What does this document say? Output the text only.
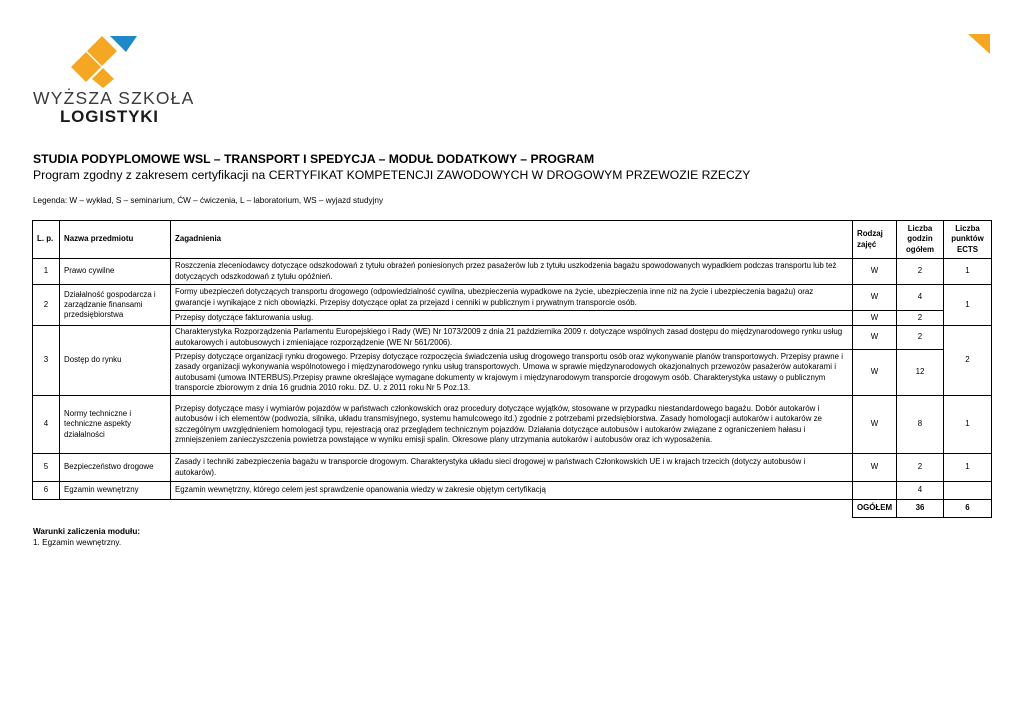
WYŻSZA SZKOŁA
LOGISTYKI
STUDIA PODYPLOMOWE WSL – TRANSPORT I SPEDYCJA – MODUŁ DODATKOWY – PROGRAM
Program zgodny z zakresem certyfikacji na CERTYFIKAT KOMPETENCJI ZAWODOWYCH W DROGOWYM PRZEWOZIE RZECZY
Legenda: W – wykład, S – seminarium, ĆW – ćwiczenia, L – laboratorium, WS – wyjazd studyjny
L. p.	Nazwa przedmiotu	Zagadnienia	Rodzaj zajęć	Liczba godzin ogółem	Liczba punktów ECTS
1	Prawo cywilne	Roszczenia zleceniodawcy dotyczące odszkodowań z tytułu obrażeń poniesionych przez pasażerów lub z tytułu uszkodzenia bagażu spowodowanych wypadkiem podczas transportu lub też dotyczących odszkodowań z tytułu opóźnień.	W	2	1
2	Działalność gospodarcza i zarządzanie finansami przedsiębiorstwa	Formy ubezpieczeń dotyczących transportu drogowego (odpowiedzialność cywilna, ubezpieczenia wypadkowe na życie, ubezpieczenia inne niż na życie i ubezpieczenia bagażu) oraz gwarancje i wynikające z nich obowiązki. Przepisy dotyczące opłat za przejazd i cenniki w publicznym i prywatnym transporcie osób.	W	4	1
		Przepisy dotyczące fakturowania usług.	W	2	
3	Dostęp do rynku	Charakterystyka Rozporządzenia Parlamentu Europejskiego i Rady (WE) Nr 1073/2009 z dnia 21 października 2009 r. dotyczące wspólnych zasad dostępu do międzynarodowego rynku usług autokarowych i autobusowych i zmieniające rozporządzenie (WE Nr 561/2006).	W	2	2
		Przepisy dotyczące organizacji rynku drogowego. Przepisy dotyczące rozpoczęcia świadczenia usług drogowego transportu osób oraz wykonywanie planów transportowych. Przepisy prawne i zasady organizacji wykonywania wspólnotowego i międzynarodowego rynku usług transportowych. Umowa w sprawie międzynarodowych okazjonalnych przewozów pasażerów autokarami i autobusami (umowa INTERBUS).Przepisy prawne określające wymagane dokumenty w krajowym i międzynarodowym transporcie drogowym osób. Charakterystyka ustawy o publicznym transporcie zbiorowym z dnia 16 grudnia 2010 roku. DZ. U. z 2011 roku Nr 5 Poz.13.	W	12	
4	Normy techniczne i techniczne aspekty działalności	Przepisy dotyczące masy i wymiarów pojazdów w państwach członkowskich oraz procedury dotyczące wyjątków, stosowane w przypadku niestandardowego bagażu. Dobór autokarów i autobusów i ich elementów (podwozia, silnika, układu transmisyjnego, systemu hamulcowego itd.) zgodnie z potrzebami przedsiębiorstwa. Zasady homologacji autokarów i autokarów ze szczególnym uwzględnieniem homologacji typu, rejestracją oraz przeglądem technicznym pojazdów. Działania dotyczące autobusów i autokarów związane z ograniczeniem hałasu i zmniejszeniem zanieczyszczenia powietrza powstające w wyniku emisji spalin. Okresowe plany utrzymania autokarów i autobusów oraz ich wyposażenia.	W	8	1
5	Bezpieczeństwo drogowe	Zasady i techniki zabezpieczenia bagażu w transporcie drogowym. Charakterystyka układu sieci drogowej w państwach Członkowskich UE i w krajach trzecich (dotyczy autobusów i autokarów).	W	2	1
6	Egzamin wewnętrzny	Egzamin wewnętrzny, którego celem jest sprawdzenie opanowania wiedzy w zakresie objętym certyfikacją		4	
			OGÓŁEM	36	6
Warunki zaliczenia modułu:
1. Egzamin wewnętrzny.
